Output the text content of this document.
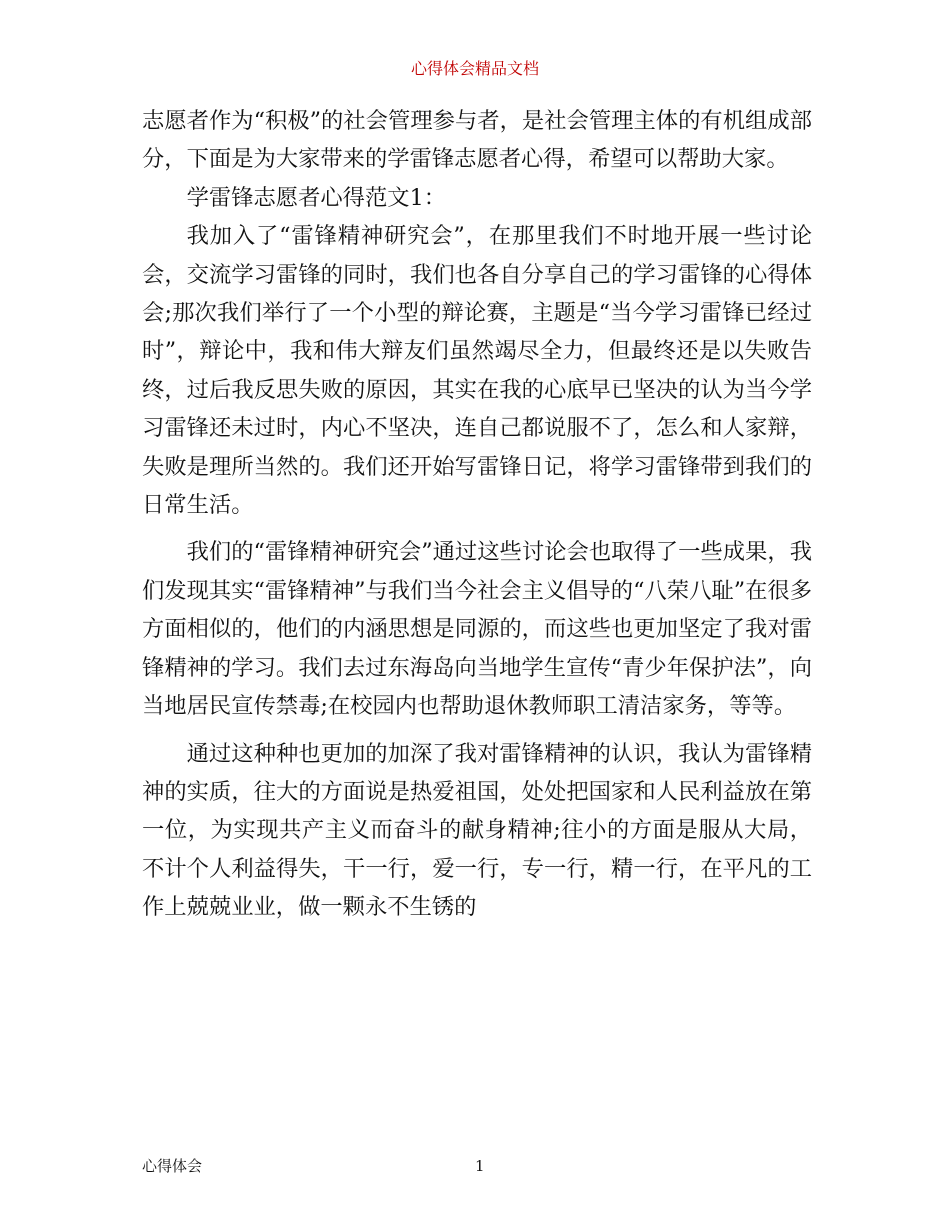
心得体会精品文档

志愿者作为“积极”的社会管理参与者，是社会管理主体的有机组成部分，下面是为大家带来的学雷锋志愿者心得，希望可以帮助大家。

学雷锋志愿者心得范文1：

我加入了“雷锋精神研究会”，在那里我们不时地开展一些讨论会，交流学习雷锋的同时，我们也各自分享自己的学习雷锋的心得体会;那次我们举行了一个小型的辩论赛，主题是“当今学习雷锋已经过时”，辩论中，我和伟大辩友们虽然竭尽全力，但最终还是以失败告终，过后我反思失败的原因，其实在我的心底早已坚决的认为当今学习雷锋还未过时，内心不坚决，连自己都说服不了，怎么和人家辩，失败是理所当然的。我们还开始写雷锋日记，将学习雷锋带到我们的日常生活。

我们的“雷锋精神研究会”通过这些讨论会也取得了一些成果，我们发现其实“雷锋精神”与我们当今社会主义倡导的“八荣八耻”在很多方面相似的，他们的内涵思想是同源的，而这些也更加坚定了我对雷锋精神的学习。我们去过东海岛向当地学生宣传“青少年保护法”，向当地居民宣传禁毒;在校园内也帮助退休教师职工清洁家务，等等。

通过这种种也更加的加深了我对雷锋精神的认识，我认为雷锋精神的实质，往大的方面说是热爱祖国，处处把国家和人民利益放在第一位，为实现共产主义而奋斗的献身精神;往小的方面是服从大局，不计个人利益得失，干一行，爱一行，专一行，精一行，在平凡的工作上兢兢业业，做一颗永不生锈的

心得体会	1
